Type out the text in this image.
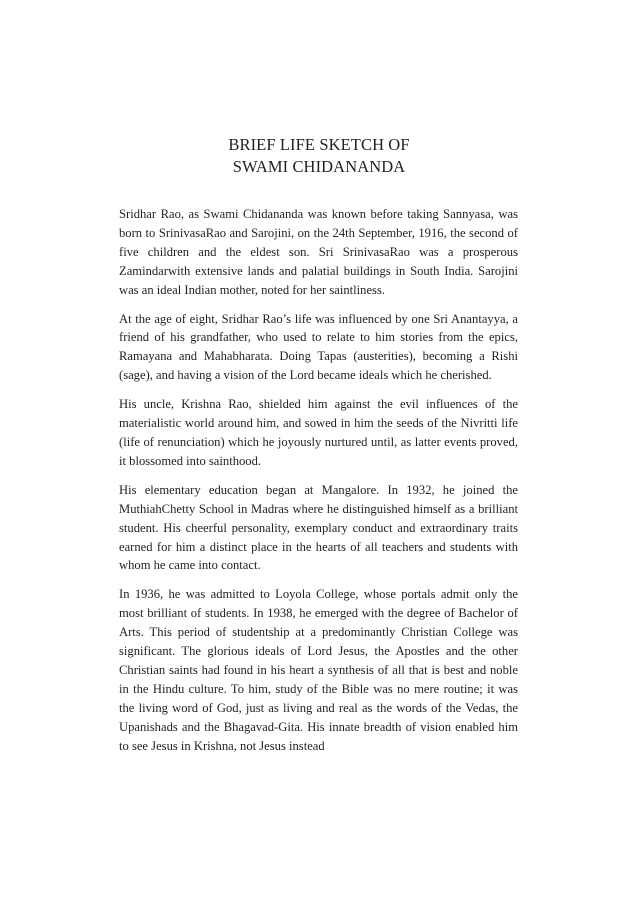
BRIEF LIFE SKETCH OF
SWAMI CHIDANANDA

Sridhar Rao, as Swami Chidananda was known before taking Sannyasa, was born to SrinivasaRao and Sarojini, on the 24th September, 1916, the second of five children and the eldest son. Sri SrinivasaRao was a prosperous Zamindarwith extensive lands and palatial buildings in South India. Sarojini was an ideal Indian mother, noted for her saintliness.

At the age of eight, Sridhar Rao’s life was influenced by one Sri Anantayya, a friend of his grandfather, who used to relate to him stories from the epics, Ramayana and Mahabharata. Doing Tapas (austerities), becoming a Rishi (sage), and having a vision of the Lord became ideals which he cherished.

His uncle, Krishna Rao, shielded him against the evil influences of the materialistic world around him, and sowed in him the seeds of the Nivritti life (life of renunciation) which he joyously nurtured until, as latter events proved, it blossomed into sainthood.

His elementary education began at Mangalore. In 1932, he joined the MuthiahChetty School in Madras where he distinguished himself as a brilliant student. His cheerful personality, exemplary conduct and extraordinary traits earned for him a distinct place in the hearts of all teachers and students with whom he came into contact.

In 1936, he was admitted to Loyola College, whose portals admit only the most brilliant of students. In 1938, he emerged with the degree of Bachelor of Arts. This period of studentship at a predominantly Christian College was significant. The glorious ideals of Lord Jesus, the Apostles and the other Christian saints had found in his heart a synthesis of all that is best and noble in the Hindu culture. To him, study of the Bible was no mere routine; it was the living word of God, just as living and real as the words of the Vedas, the Upanishads and the Bhagavad-Gita. His innate breadth of vision enabled him to see Jesus in Krishna, not Jesus instead
